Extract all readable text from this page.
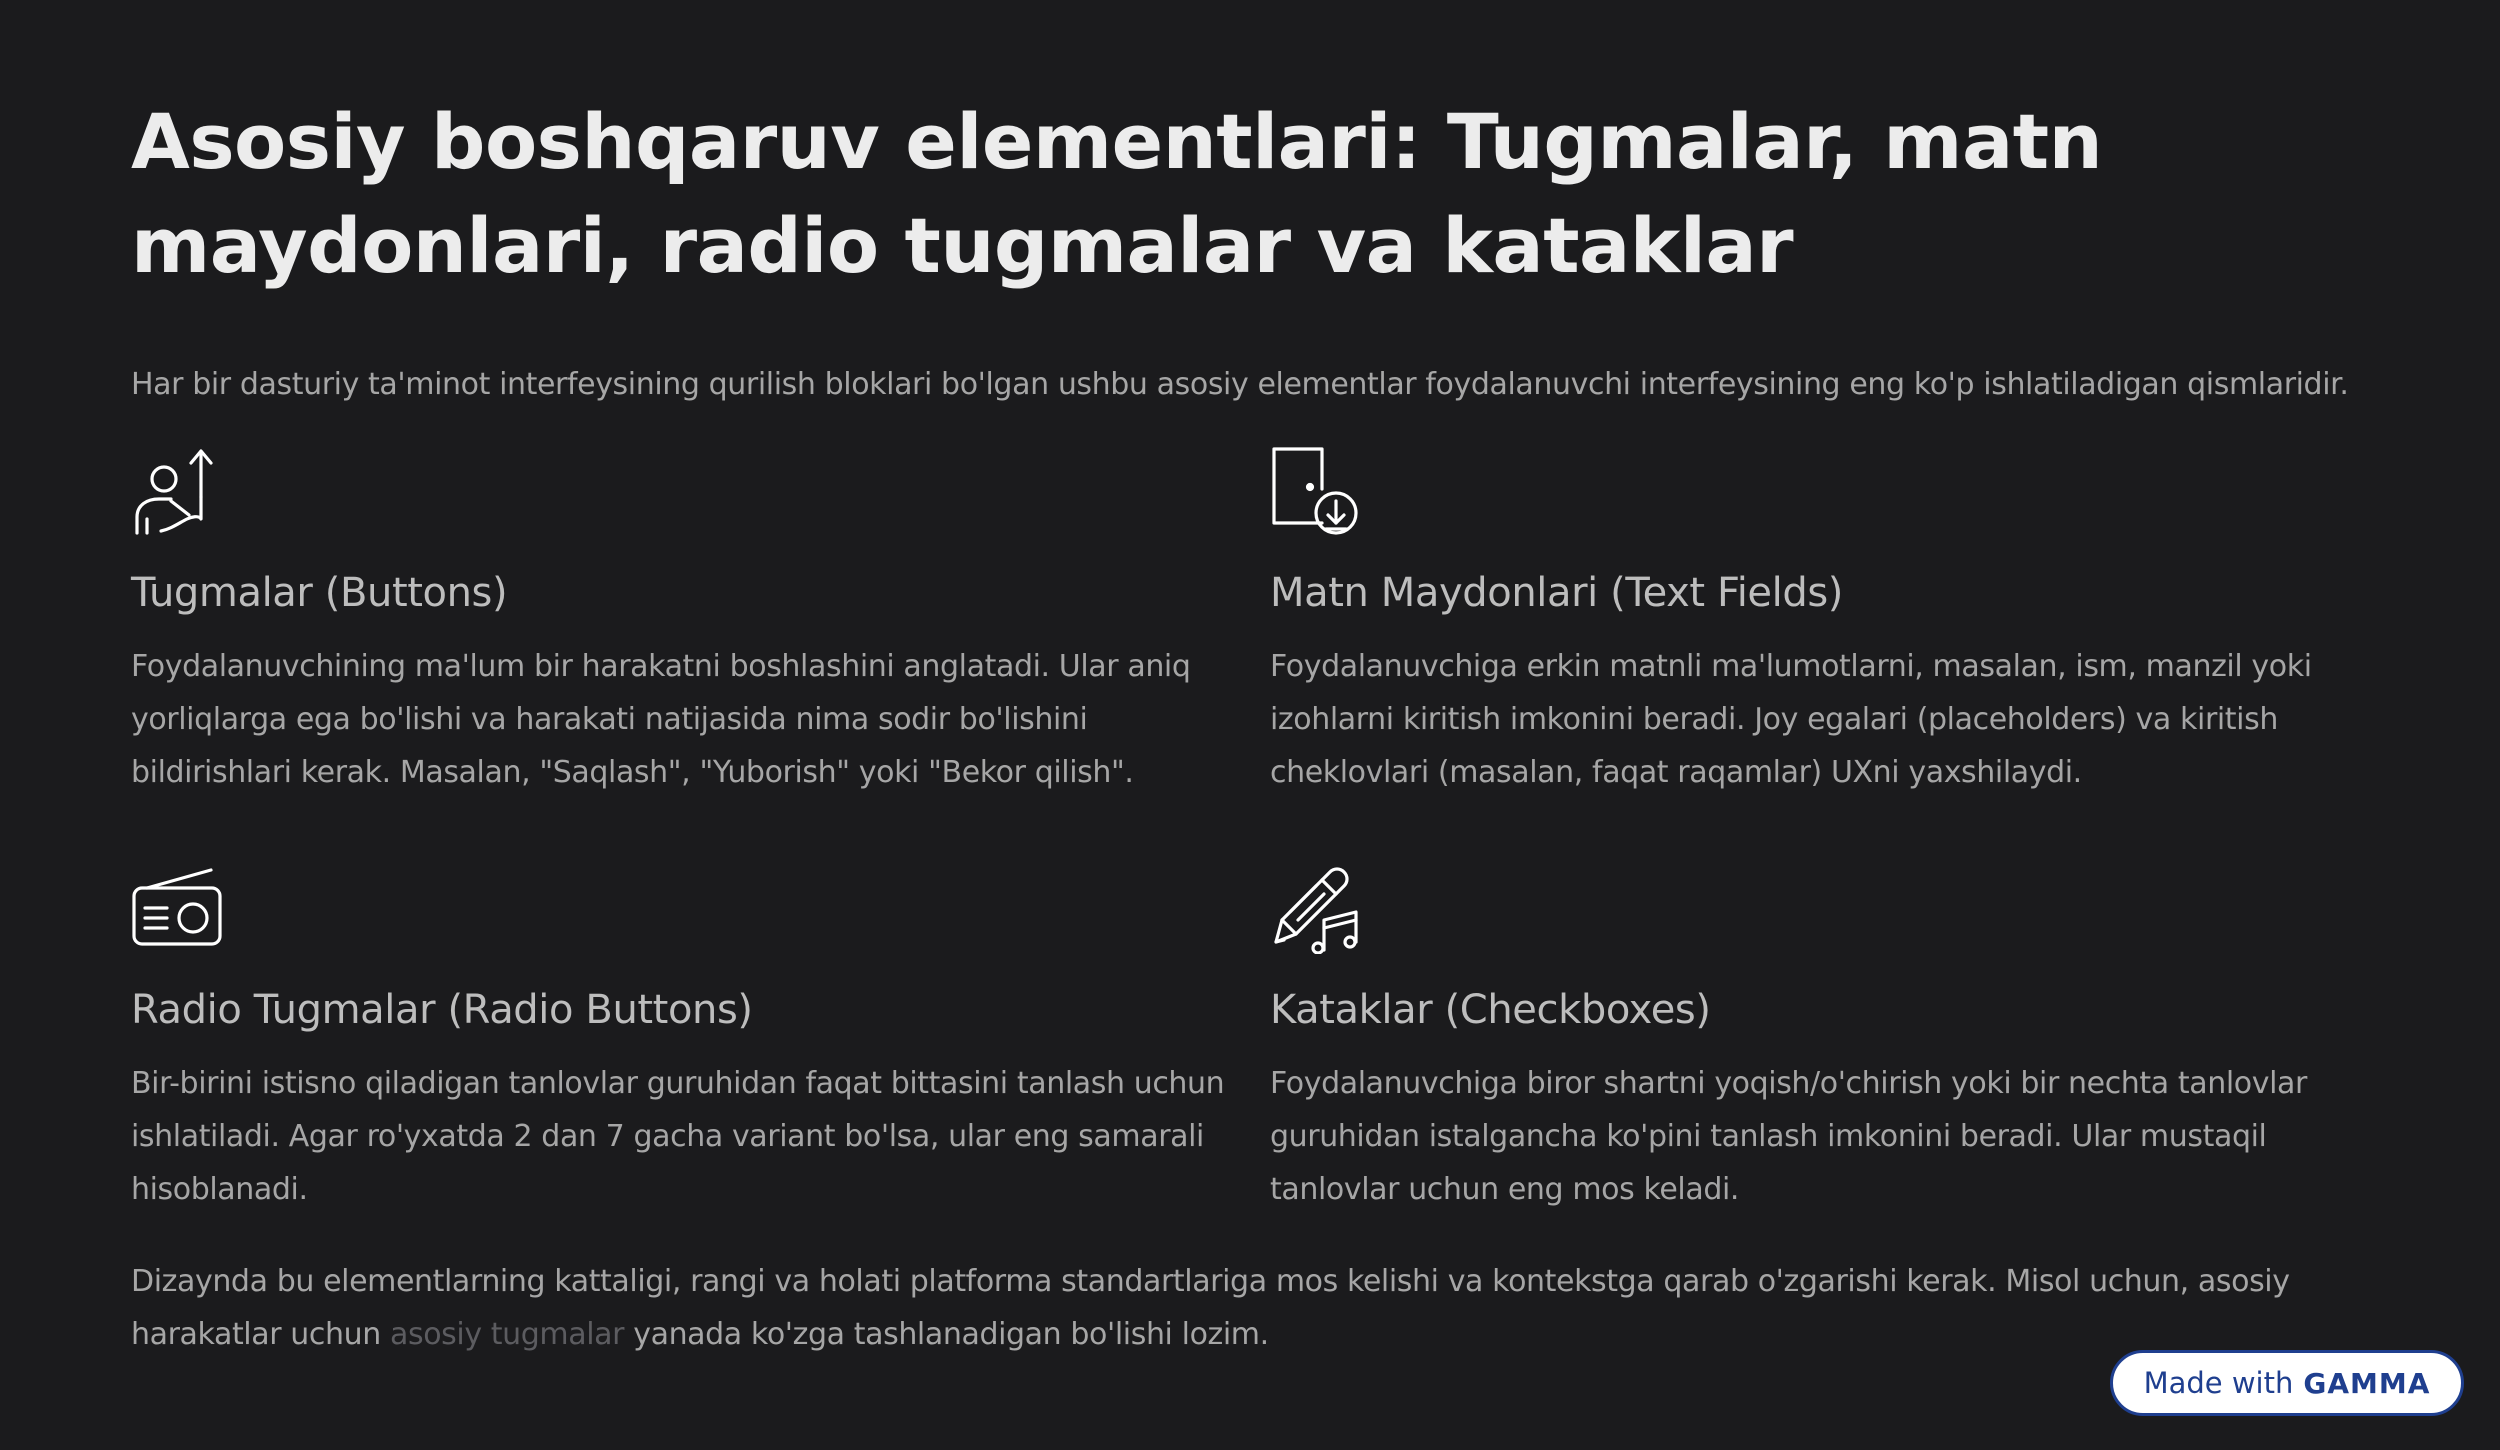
Asosiy boshqaruv elementlari: Tugmalar, matn maydonlari, radio tugmalar va kataklar

Har bir dasturiy ta'minot interfeysining qurilish bloklari bo'lgan ushbu asosiy elementlar foydalanuvchi interfeysining eng ko'p ishlatiladigan qismlaridir.

Tugmalar (Buttons)

Foydalanuvchining ma'lum bir harakatni boshlashini anglatadi. Ular aniq yorliqlarga ega bo'lishi va harakati natijasida nima sodir bo'lishini bildirishlari kerak. Masalan, "Saqlash", "Yuborish" yoki "Bekor qilish".

Matn Maydonlari (Text Fields)

Foydalanuvchiga erkin matnli ma'lumotlarni, masalan, ism, manzil yoki izohlarni kiritish imkonini beradi. Joy egalari (placeholders) va kiritish cheklovlari (masalan, faqat raqamlar) UXni yaxshilaydi.

Radio Tugmalar (Radio Buttons)

Bir-birini istisno qiladigan tanlovlar guruhidan faqat bittasini tanlash uchun ishlatiladi. Agar ro'yxatda 2 dan 7 gacha variant bo'lsa, ular eng samarali hisoblanadi.

Kataklar (Checkboxes)

Foydalanuvchiga biror shartni yoqish/o'chirish yoki bir nechta tanlovlar guruhidan istalgancha ko'pini tanlash imkonini beradi. Ular mustaqil tanlovlar uchun eng mos keladi.

Dizaynda bu elementlarning kattaligi, rangi va holati platforma standartlariga mos kelishi va kontekstga qarab o'zgarishi kerak. Misol uchun, asosiy harakatlar uchun asosiy tugmalar yanada ko'zga tashlanadigan bo'lishi lozim.

Made with GAMMA
